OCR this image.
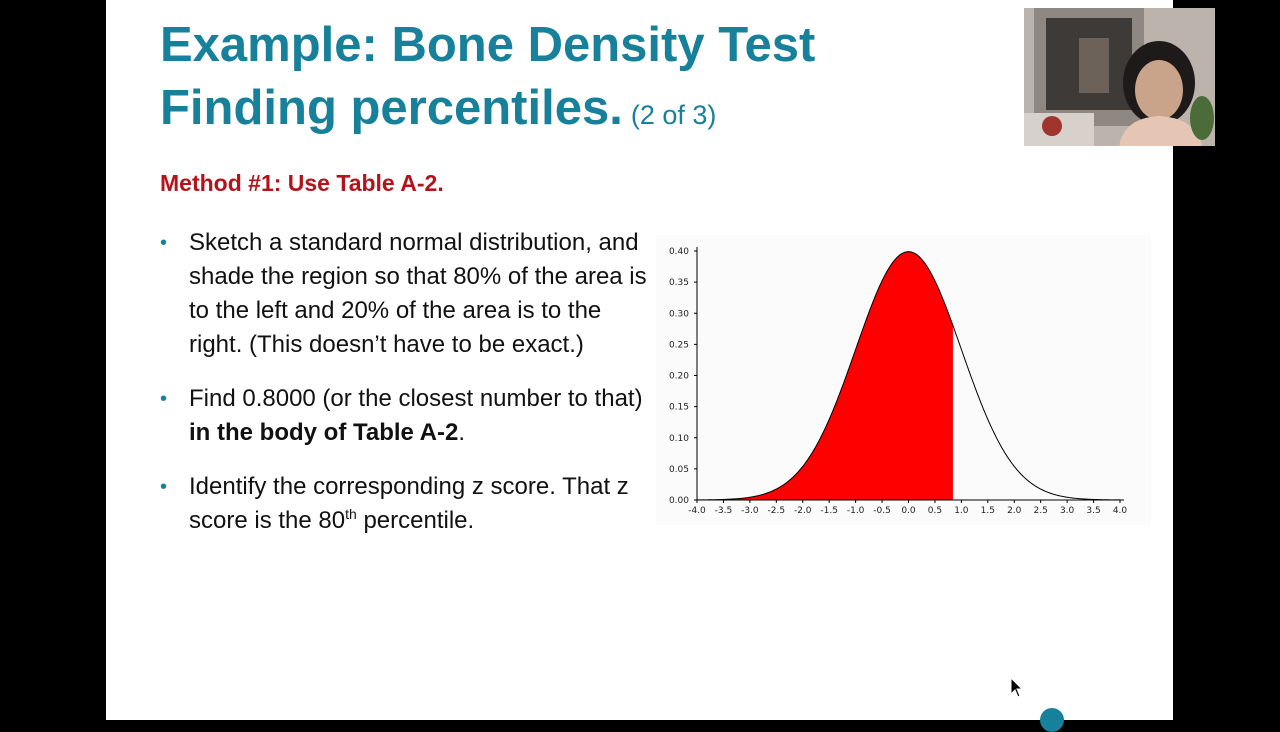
Example: Bone Density Test
Finding percentiles. (2 of 3)
Method #1: Use Table A-2.
• Sketch a standard normal distribution, and shade the region so that 80% of the area is to the left and 20% of the area is to the right. (This doesn’t have to be exact.)
• Find 0.8000 (or the closest number to that) in the body of Table A-2.
• Identify the corresponding z score. That z score is the 80th percentile.	-4.0 -3.5 -3.0 -2.5 -2.0 -1.5 -1.0 -0.5 0.0 0.5 1.0 1.5 2.0 2.5 3.0 3.5 4.0
0.00
0.05
0.10
0.15
0.20
0.25
0.30
0.35
0.40
